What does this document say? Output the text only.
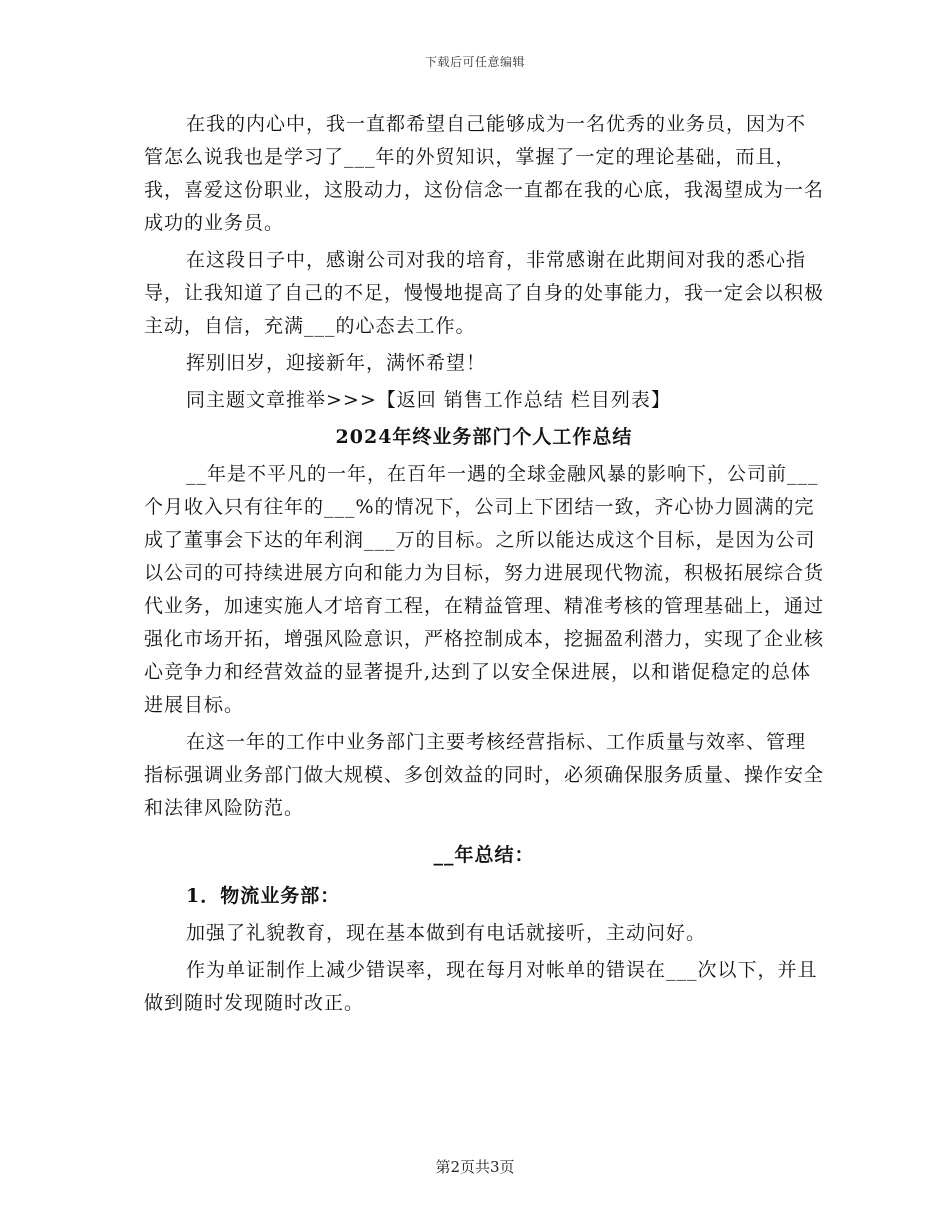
下载后可任意编辑

在我的内心中，我一直都希望自己能够成为一名优秀的业务员，因为不管怎么说我也是学习了___年的外贸知识，掌握了一定的理论基础，而且，我，喜爱这份职业，这股动力，这份信念一直都在我的心底，我渴望成为一名成功的业务员。

在这段日子中，感谢公司对我的培育，非常感谢在此期间对我的悉心指导，让我知道了自己的不足，慢慢地提高了自身的处事能力，我一定会以积极主动，自信，充满___的心态去工作。

挥别旧岁，迎接新年，满怀希望！

同主题文章推举>>>【返回 销售工作总结 栏目列表】

2024年终业务部门个人工作总结

__年是不平凡的一年，在百年一遇的全球金融风暴的影响下，公司前___个月收入只有往年的___%的情况下，公司上下团结一致，齐心协力圆满的完成了董事会下达的年利润___万的目标。之所以能达成这个目标，是因为公司以公司的可持续进展方向和能力为目标，努力进展现代物流，积极拓展综合货代业务，加速实施人才培育工程，在精益管理、精准考核的管理基础上，通过强化市场开拓，增强风险意识，严格控制成本，挖掘盈利潜力，实现了企业核心竞争力和经营效益的显著提升,达到了以安全保进展，以和谐促稳定的总体进展目标。

在这一年的工作中业务部门主要考核经营指标、工作质量与效率、管理指标强调业务部门做大规模、多创效益的同时，必须确保服务质量、操作安全和法律风险防范。

__年总结：
1．物流业务部：

加强了礼貌教育，现在基本做到有电话就接听，主动问好。

作为单证制作上减少错误率，现在每月对帐单的错误在___次以下，并且做到随时发现随时改正。

第2页共3页
